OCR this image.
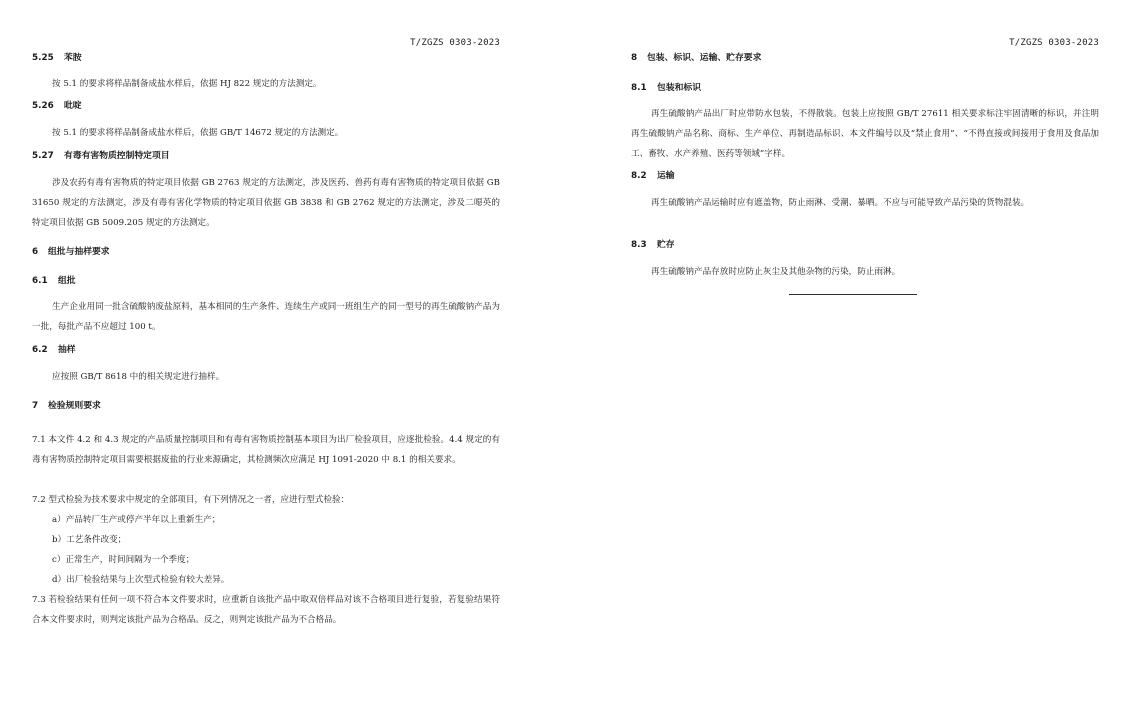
T/ZGZS 0303-2023
5.25 苯胺
按 5.1 的要求将样品制备成盐水样后，依据 HJ 822 规定的方法测定。
5.26 吡啶
按 5.1 的要求将样品制备成盐水样后，依据 GB/T 14672 规定的方法测定。
5.27 有毒有害物质控制特定项目
涉及农药有毒有害物质的特定项目依据 GB 2763 规定的方法测定，涉及医药、兽药有毒有害物质的特定项目依据 GB 31650 规定的方法测定，涉及有毒有害化学物质的特定项目依据 GB 3838 和 GB 2762 规定的方法测定，涉及二噁英的特定项目依据 GB 5009.205 规定的方法测定。
6 组批与抽样要求
6.1 组批
生产企业用同一批含硫酸钠废盐原料，基本相同的生产条件、连续生产或同一班组生产的同一型号的再生硫酸钠产品为一批，每批产品不应超过 100 t。
6.2 抽样
应按照 GB/T 8618 中的相关规定进行抽样。
7 检验规则要求
7.1 本文件 4.2 和 4.3 规定的产品质量控制项目和有毒有害物质控制基本项目为出厂检验项目，应逐批检验。4.4 规定的有毒有害物质控制特定项目需要根据废盐的行业来源确定，其检测频次应满足 HJ 1091-2020 中 8.1 的相关要求。
7.2 型式检验为技术要求中规定的全部项目，有下列情况之一者，应进行型式检验：
a）产品转厂生产或停产半年以上重新生产；
b）工艺条件改变；
c）正常生产，时间间隔为一个季度；
d）出厂检验结果与上次型式检验有较大差异。
7.3 若检验结果有任何一项不符合本文件要求时，应重新自该批产品中取双倍样品对该不合格项目进行复验，若复验结果符合本文件要求时，则判定该批产品为合格品。反之，则判定该批产品为不合格品。
T/ZGZS 0303-2023
8 包装、标识、运输、贮存要求
8.1 包装和标识
再生硫酸钠产品出厂时应带防水包装，不得散装。包装上应按照 GB/T 27611 相关要求标注牢固清晰的标识，并注明再生硫酸钠产品名称、商标、生产单位、再制造品标识、本文件编号以及“禁止食用”、“不得直接或间接用于食用及食品加工、畜牧、水产养殖、医药等领域”字样。
8.2 运输
再生硫酸钠产品运输时应有遮盖物，防止雨淋、受潮、暴晒。不应与可能导致产品污染的货物混装。
8.3 贮存
再生硫酸钠产品存放时应防止灰尘及其他杂物的污染，防止雨淋。
